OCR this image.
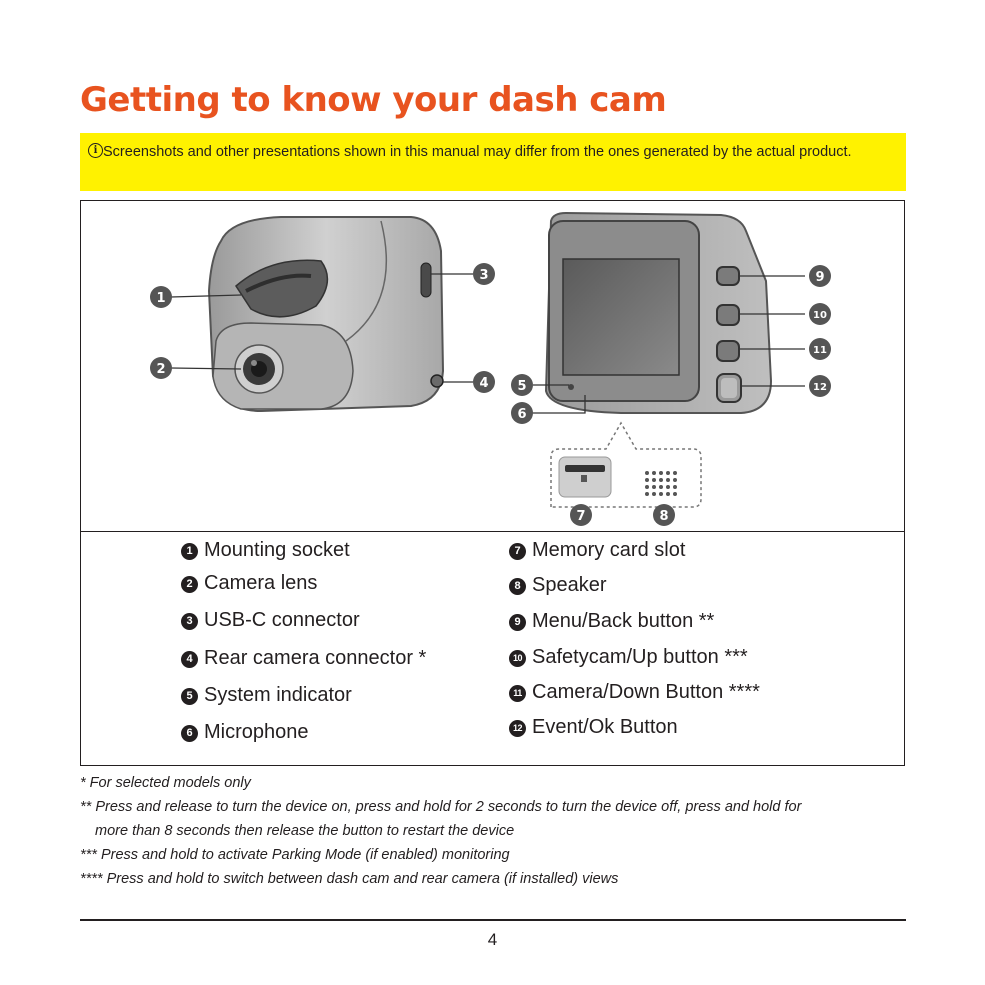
Getting to know your dash cam
i Screenshots and other presentations shown in this manual may differ from the ones generated by the actual product.
1
2
3
4 5
6
7	8
9
10
11
12
1 Mounting socket
2 Camera lens
3 USB-C connector
4 Rear camera connector *
5 System indicator
6 Microphone
7 Memory card slot
8 Speaker
9 Menu/Back button **
10 Safetycam/Up button ***
11 Camera/Down Button ****
12 Event/Ok Button
* For selected models only
** Press and release to turn the device on, press and hold for 2 seconds to turn the device off, press and hold for
more than 8 seconds then release the button to restart the device
*** Press and hold to activate Parking Mode (if enabled) monitoring
**** Press and hold to switch between dash cam and rear camera (if installed) views
4
